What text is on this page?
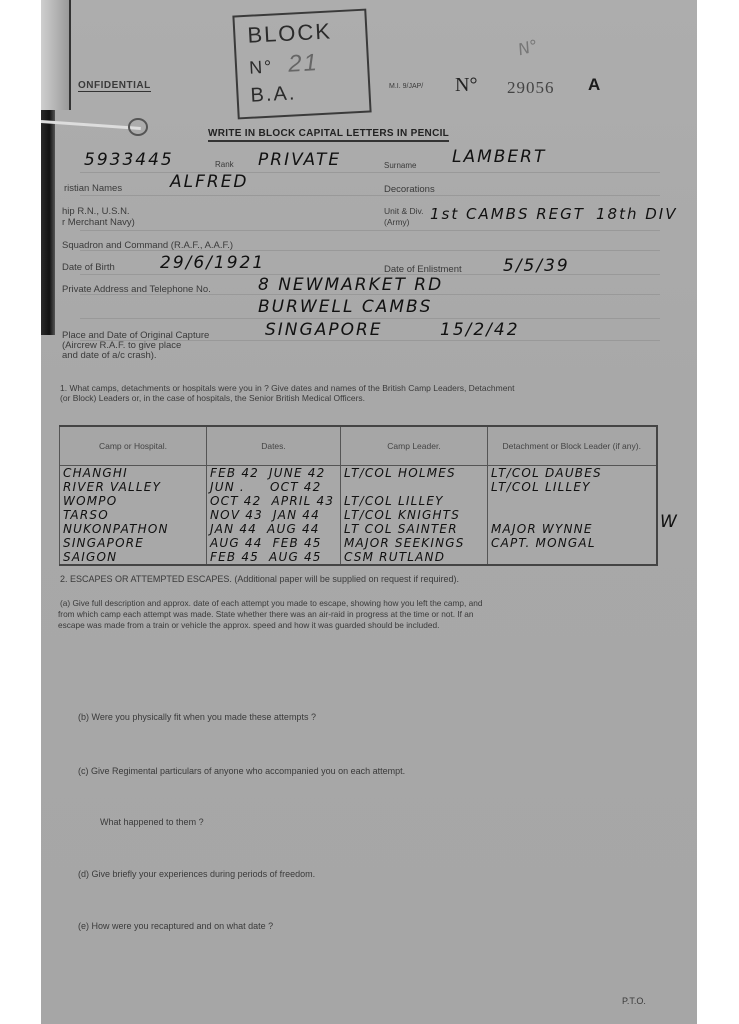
BLOCK
N° 21
B.A.
N°
ONFIDENTIAL	M.I. 9/JAP/ N° 29056 A
WRITE IN BLOCK CAPITAL LETTERS IN PENCIL
5933445	Rank PRIVATE	Surname LAMBERT
ristian Names	ALFRED	Decorations
hip R.N., U.S.N.
r Merchant Navy)
Unit & Div.
(Army) 1st CAMBS REGT 18th DIV
Squadron and Command (R.A.F., A.A.F.)
Date of Birth	29/6/1921	Date of Enlistment 5/5/39
Private Address and Telephone No.	8 NEWMARKET RD
BURWELL CAMBS
Place and Date of Original Capture
(Aircrew R.A.F. to give place
and date of a/c crash).
SINGAPORE	15/2/42
1. What camps, detachments or hospitals were you in ? Give dates and names of the British Camp Leaders, Detachment
(or Block) Leaders or, in the case of hospitals, the Senior British Medical Officers.
Camp or Hospital.	Dates.	Camp Leader.	Detachment or Block Leader (if any).
CHANGHI	FEB 42 JUNE 42	LT/COL HOLMES	LT/COL DAUBES
RIVER VALLEY	JUN . OCT 42		LT/COL LILLEY
WOMPO	OCT 42 APRIL 43	LT/COL LILLEY	
TARSO	NOV 43 JAN 44	LT/COL KNIGHTS	
NUKONPATHON	JAN 44 AUG 44	LT COL SAINTER	MAJOR WYNNE
SINGAPORE	AUG 44 FEB 45	MAJOR SEEKINGS	CAPT. MONGAL
SAIGON	FEB 45 AUG 45	CSM RUTLAND	
W
2. ESCAPES OR ATTEMPTED ESCAPES. (Additional paper will be supplied on request if required).
(a) Give full description and approx. date of each attempt you made to escape, showing how you left the camp, and
from which camp each attempt was made. State whether there was an air-raid in progress at the time or not. If an
escape was made from a train or vehicle the approx. speed and how it was guarded should be included.
(b) Were you physically fit when you made these attempts ?
(c) Give Regimental particulars of anyone who accompanied you on each attempt.
What happened to them ?
(d) Give briefly your experiences during periods of freedom.
(e) How were you recaptured and on what date ?
P.T.O.
